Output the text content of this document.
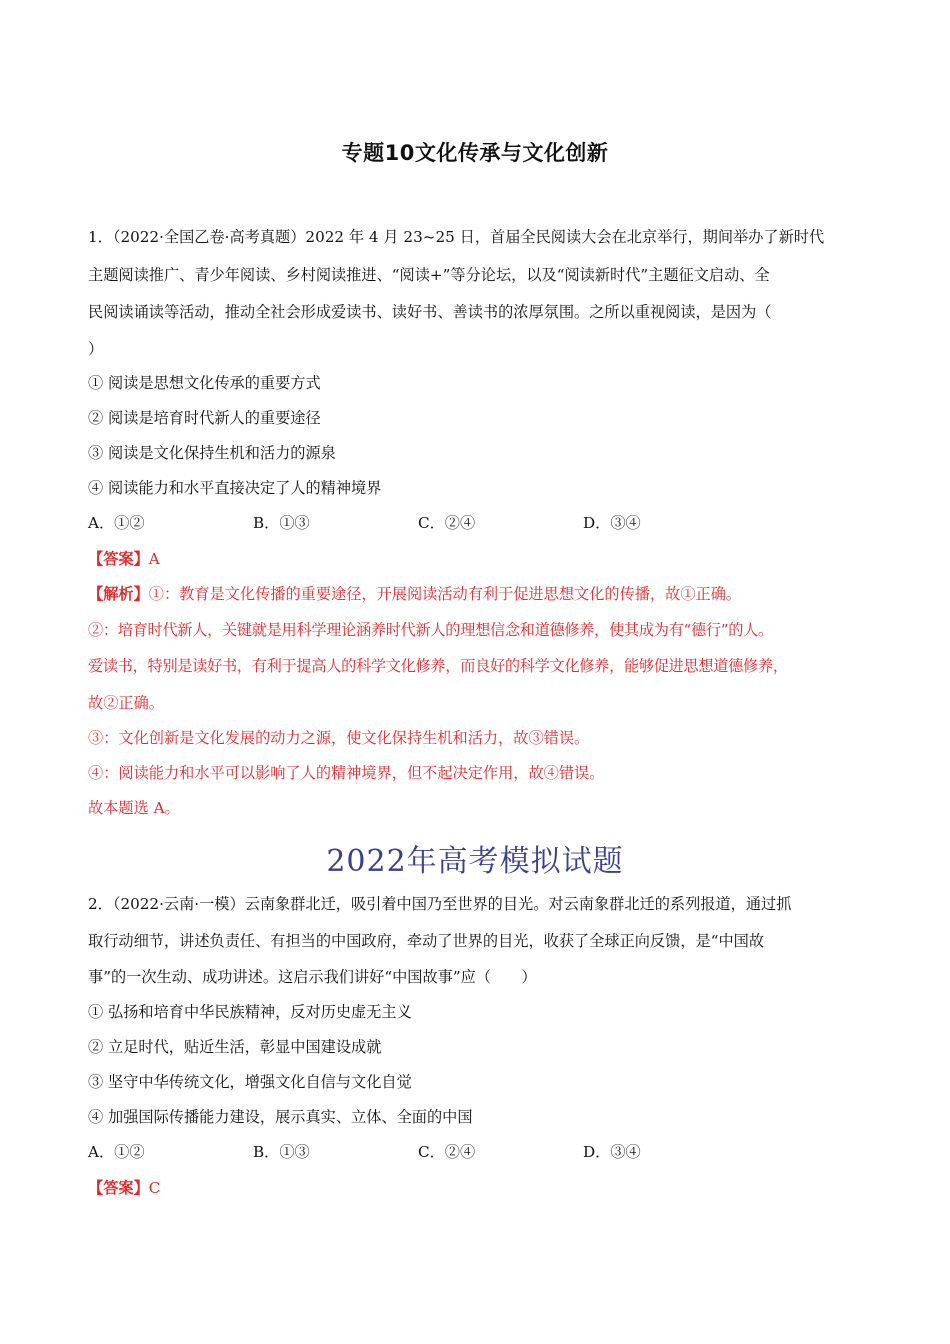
专题10文化传承与文化创新
1．（2022·全国乙卷·高考真题）2022 年 4 月 23~25 日，首届全民阅读大会在北京举行，期间举办了新时代
主题阅读推广、青少年阅读、乡村阅读推进、“阅读+”等分论坛，以及“阅读新时代”主题征文启动、全
民阅读诵读等活动，推动全社会形成爱读书、读好书、善读书的浓厚氛围。之所以重视阅读，是因为（
）
① 阅读是思想文化传承的重要方式
② 阅读是培育时代新人的重要途径
③ 阅读是文化保持生机和活力的源泉
④ 阅读能力和水平直接决定了人的精神境界
A．①②	B．①③	C．②④	D．③④
【答案】A
【解析】①：教育是文化传播的重要途径，开展阅读活动有利于促进思想文化的传播，故①正确。
②：培育时代新人，关键就是用科学理论涵养时代新人的理想信念和道德修养，使其成为有“德行”的人。
爱读书，特别是读好书，有利于提高人的科学文化修养，而良好的科学文化修养，能够促进思想道德修养，
故②正确。
③：文化创新是文化发展的动力之源，使文化保持生机和活力，故③错误。
④：阅读能力和水平可以影响了人的精神境界，但不起决定作用，故④错误。
故本题选 A。
2022年高考模拟试题
2．（2022·云南·一模）云南象群北迁，吸引着中国乃至世界的目光。对云南象群北迁的系列报道，通过抓
取行动细节，讲述负责任、有担当的中国政府，牵动了世界的目光，收获了全球正向反馈，是“中国故
事”的一次生动、成功讲述。这启示我们讲好“中国故事”应（　　）
① 弘扬和培育中华民族精神，反对历史虚无主义
② 立足时代，贴近生活，彰显中国建设成就
③ 坚守中华传统文化，增强文化自信与文化自觉
④ 加强国际传播能力建设，展示真实、立体、全面的中国
A．①②	B．①③	C．②④	D．③④
【答案】C
